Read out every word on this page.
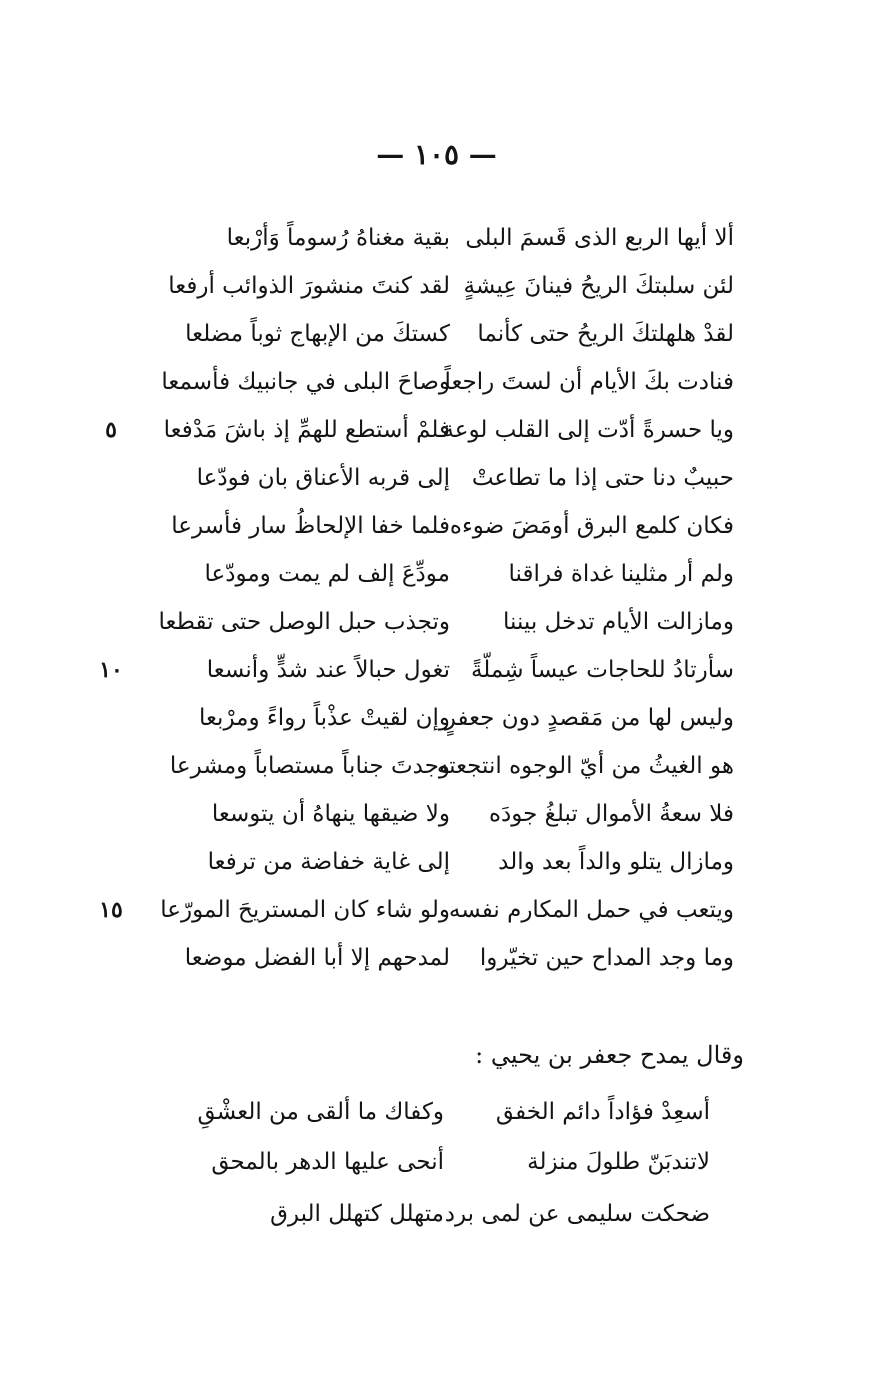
— ١٠٥ —
ألا أيها الربع الذى قَسمَ البلى
بقية مغناهُ رُسوماً وَأرْبعا
لئن سلبتكَ الريحُ فينانَ عِيشةٍ
لقد كنتَ منشورَ الذوائب أرفعا
لقدْ هلهلتكَ الريحُ حتى كأنما
كستكَ من الإبهاج ثوباً مضلعا
فنادت بكَ الأيام أن لستَ راجعاً
وصاحَ البلى في جانبيك فأسمعا
ويا حسرةً أدّت إلى القلب لوعة
فلمْ أستطع للهمِّ إذ باشَ مَدْفعا
٥
حبيبٌ دنا حتى إذا ما تطاعتْ
إلى قربه الأعناق بان فودّعا
فكان كلمع البرق أومَضَ ضوءه
فلما خفا الإلحاظُ سار فأسرعا
ولم أر مثلينا غداة فراقنا
مودِّعَ إلف لم يمت ومودّعا
ومازالت الأيام تدخل بيننا
وتجذب حبل الوصل حتى تقطعا
سأرتادُ للحاجات عيساً شِملّةً
تغول حبالاً عند شدٍّ وأنسعا
١٠
وليس لها من مَقصدٍ دون جعفرٍ
وإن لقيتْ عذْباً رواءً ومرْبعا
هو الغيثُ من أيّ الوجوه انتجعته
وجدتَ جناباً مستصاباً ومشرعا
فلا سعةُ الأموال تبلغُ جودَه
ولا ضيقها ينهاهُ أن يتوسعا
ومازال يتلو والداً بعد والد
إلى غاية خفاضة من ترفعا
ويتعب في حمل المكارم نفسه
ولو شاء كان المستريحَ المورّعا
١٥
وما وجد المداح حين تخيّروا
لمدحهم إلا أبا الفضل موضعا
وقال يمدح جعفر بن يحيي :
أسعِدْ فؤاداً دائم الخفق
وكفاك ما ألقى من العشْقِ
لاتندبَنّ طلولَ منزلة
أنحى عليها الدهر بالمحق
ضحكت سليمى عن لمى برد
متهلل كتهلل البرق
